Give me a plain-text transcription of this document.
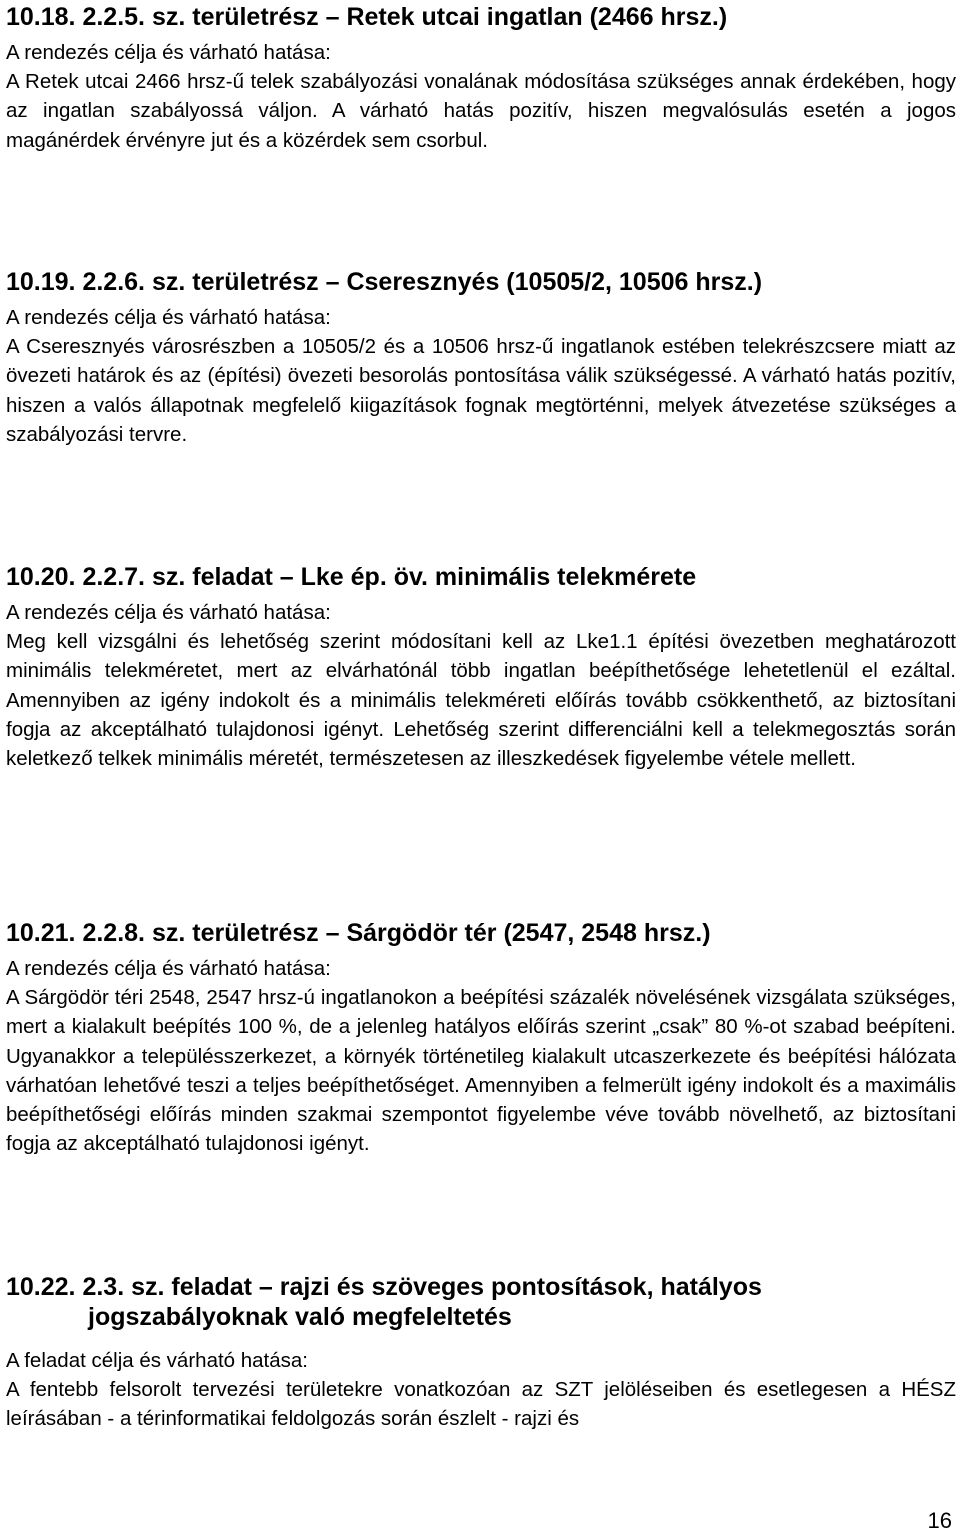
10.18. 2.2.5. sz. területrész – Retek utcai ingatlan (2466 hrsz.)

A rendezés célja és várható hatása:

A Retek utcai 2466 hrsz-ű telek szabályozási vonalának módosítása szükséges annak érdekében, hogy az ingatlan szabályossá váljon. A várható hatás pozitív, hiszen megvalósulás esetén a jogos magánérdek érvényre jut és a közérdek sem csorbul.

10.19. 2.2.6. sz. területrész – Cseresznyés (10505/2, 10506 hrsz.)

A rendezés célja és várható hatása:

A Cseresznyés városrészben a 10505/2 és a 10506 hrsz-ű ingatlanok estében telekrészcsere miatt az övezeti határok és az (építési) övezeti besorolás pontosítása válik szükségessé. A várható hatás pozitív, hiszen a valós állapotnak megfelelő kiigazítások fognak megtörténni, melyek átvezetése szükséges a szabályozási tervre.

10.20. 2.2.7. sz. feladat – Lke ép. öv. minimális telekmérete

A rendezés célja és várható hatása:

Meg kell vizsgálni és lehetőség szerint módosítani kell az Lke1.1 építési övezetben meghatározott minimális telekméretet, mert az elvárhatónál több ingatlan beépíthetősége lehetetlenül el ezáltal. Amennyiben az igény indokolt és a minimális telekméreti előírás tovább csökkenthető, az biztosítani fogja az akceptálható tulajdonosi igényt. Lehetőség szerint differenciálni kell a telekmegosztás során keletkező telkek minimális méretét, természetesen az illeszkedések figyelembe vétele mellett.

10.21. 2.2.8. sz. területrész – Sárgödör tér (2547, 2548 hrsz.)

A rendezés célja és várható hatása:

A Sárgödör téri 2548, 2547 hrsz-ú ingatlanokon a beépítési százalék növelésének vizsgálata szükséges, mert a kialakult beépítés 100 %, de a jelenleg hatályos előírás szerint „csak” 80 %-ot szabad beépíteni. Ugyanakkor a településszerkezet, a környék történetileg kialakult utcaszerkezete és beépítési hálózata várhatóan lehetővé teszi a teljes beépíthetőséget. Amennyiben a felmerült igény indokolt és a maximális beépíthetőségi előírás minden szakmai szempontot figyelembe véve tovább növelhető, az biztosítani fogja az akceptálható tulajdonosi igényt.

10.22. 2.3. sz. feladat – rajzi és szöveges pontosítások, hatályos
jogszabályoknak való megfeleltetés

A feladat célja és várható hatása:

A fentebb felsorolt tervezési területekre vonatkozóan az SZT jelöléseiben és esetlegesen a HÉSZ leírásában - a térinformatikai feldolgozás során észlelt - rajzi és

16
